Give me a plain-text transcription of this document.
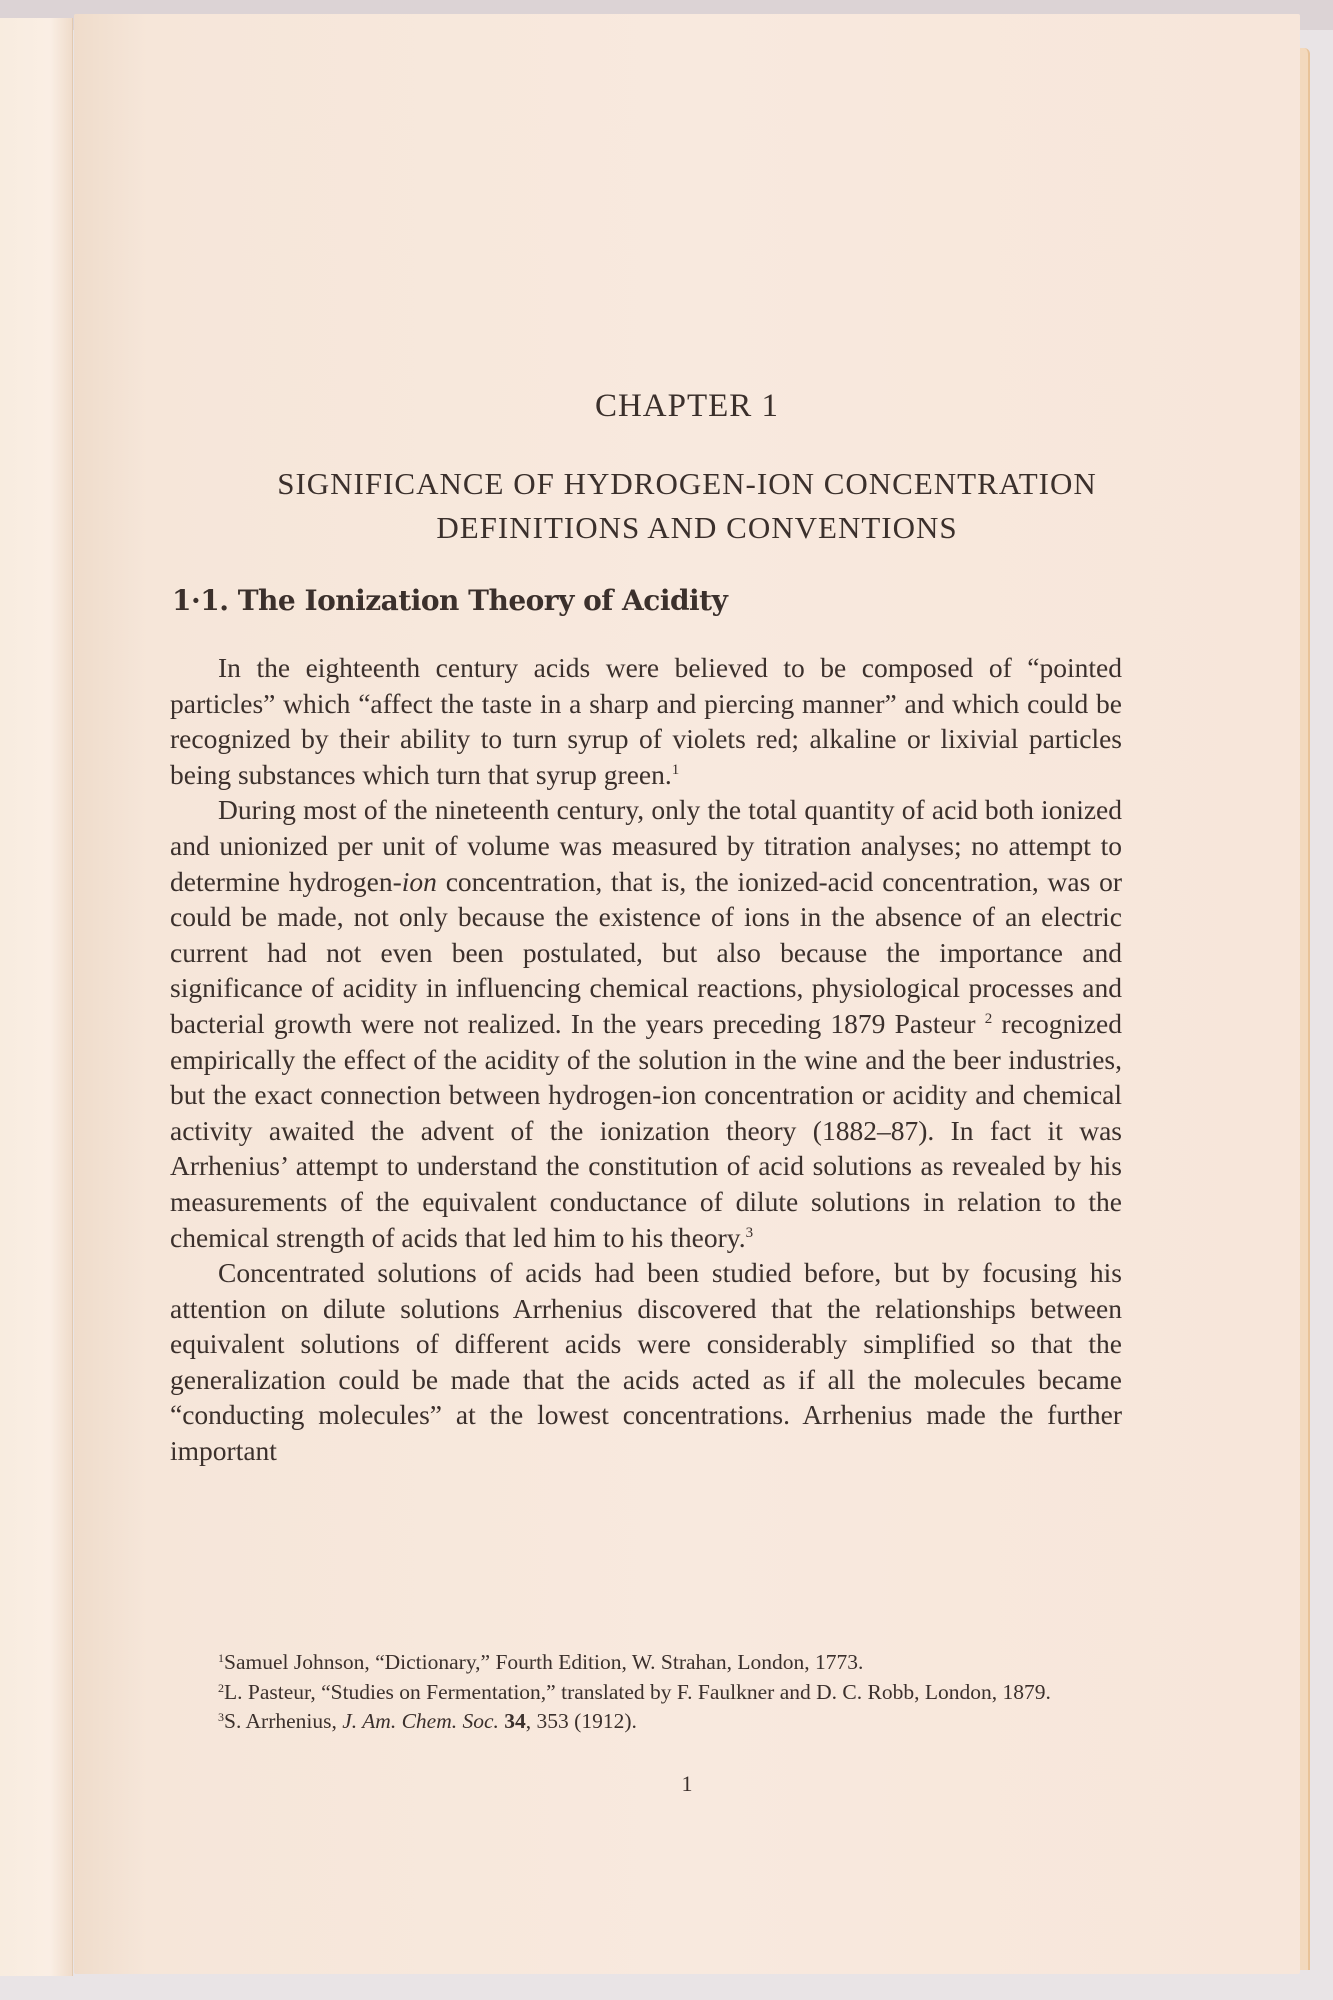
CHAPTER 1
SIGNIFICANCE OF HYDROGEN-ION CONCENTRATION
DEFINITIONS AND CONVENTIONS
1·1. The Ionization Theory of Acidity

In the eighteenth century acids were believed to be composed of “pointed particles” which “affect the taste in a sharp and piercing manner” and which could be recognized by their ability to turn syrup of violets red; alkaline or lixivial particles being substances which turn that syrup green.$^1$

During most of the nineteenth century, only the total quantity of acid both ionized and unionized per unit of volume was measured by titration analyses; no attempt to determine hydrogen-ion concentration, that is, the ionized-acid concentration, was or could be made, not only because the existence of ions in the absence of an electric current had not even been postulated, but also because the importance and significance of acidity in influencing chemical reactions, physiological processes and bacterial growth were not realized. In the years preceding 1879 Pasteur $^2$ recognized empirically the effect of the acidity of the solution in the wine and the beer industries, but the exact connection between hydrogen-ion concentration or acidity and chemical activity awaited the advent of the ionization theory (1882–87). In fact it was Arrhenius’ attempt to understand the constitution of acid solutions as revealed by his measurements of the equivalent conductance of dilute solutions in relation to the chemical strength of acids that led him to his theory.$^3$

Concentrated solutions of acids had been studied before, but by focusing his attention on dilute solutions Arrhenius discovered that the relationships between equivalent solutions of different acids were considerably simplified so that the generalization could be made that the acids acted as if all the molecules became “conducting molecules” at the lowest concentrations. Arrhenius made the further important

$^1$Samuel Johnson, “Dictionary,” Fourth Edition, W. Strahan, London, 1773.

$^2$L. Pasteur, “Studies on Fermentation,” translated by F. Faulkner and D. C. Robb, London, 1879.

$^3$S. Arrhenius, J. Am. Chem. Soc. 34, 353 (1912).

1
